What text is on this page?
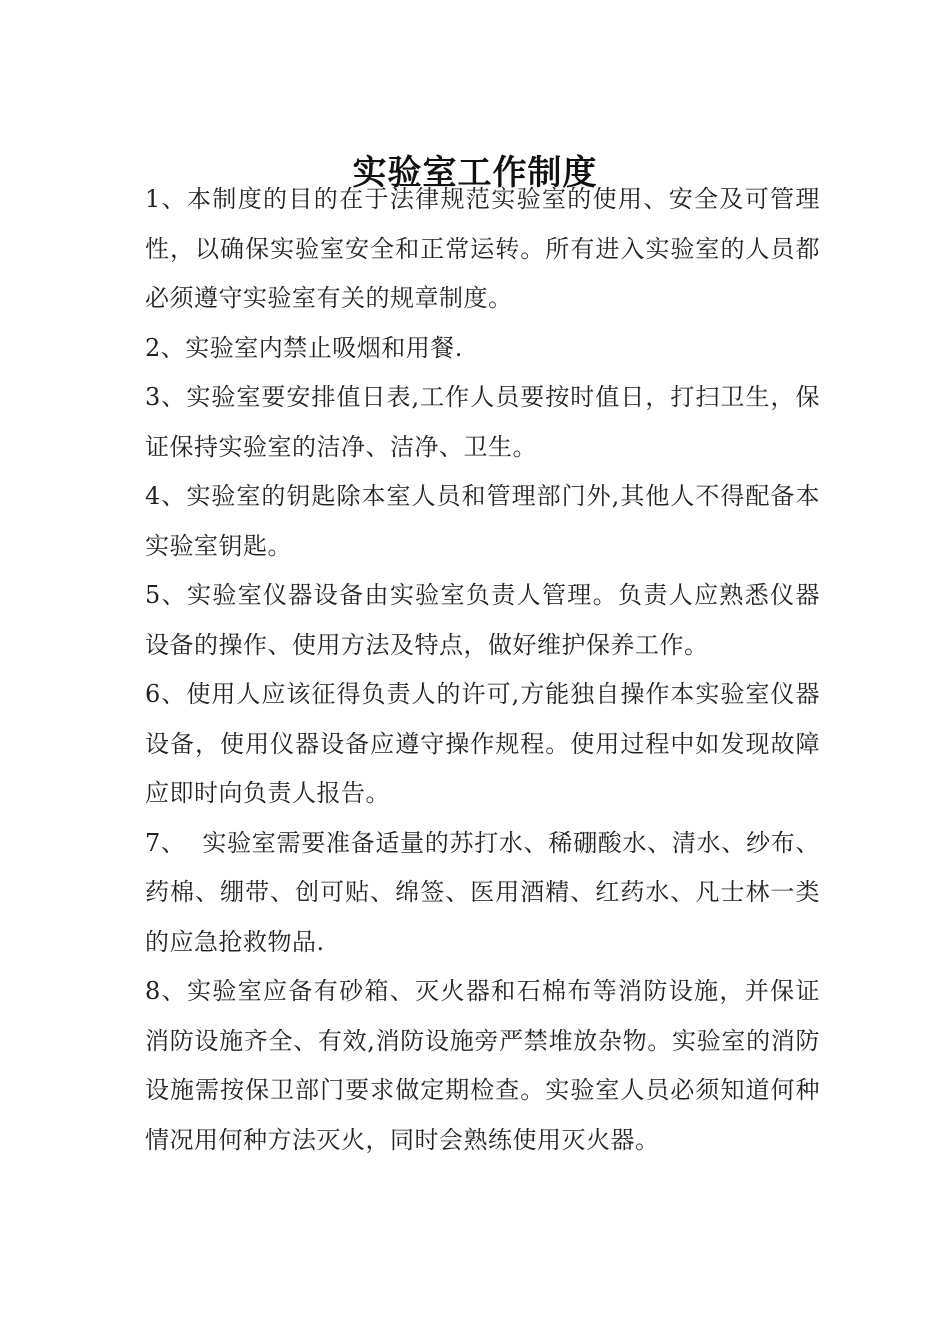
实验室工作制度

1、本制度的目的在于法律规范实验室的使用、安全及可管理性，以确保实验室安全和正常运转。所有进入实验室的人员都必须遵守实验室有关的规章制度。

2、实验室内禁止吸烟和用餐.

3、实验室要安排值日表,工作人员要按时值日，打扫卫生，保证保持实验室的洁净、洁净、卫生。

4、实验室的钥匙除本室人员和管理部门外,其他人不得配备本实验室钥匙。

5、实验室仪器设备由实验室负责人管理。负责人应熟悉仪器设备的操作、使用方法及特点，做好维护保养工作。

6、使用人应该征得负责人的许可,方能独自操作本实验室仪器设备，使用仪器设备应遵守操作规程。使用过程中如发现故障应即时向负责人报告。

7、  实验室需要准备适量的苏打水、稀硼酸水、清水、纱布、药棉、绷带、创可贴、绵签、医用酒精、红药水、凡士林一类的应急抢救物品.

8、实验室应备有砂箱、灭火器和石棉布等消防设施，并保证消防设施齐全、有效,消防设施旁严禁堆放杂物。实验室的消防设施需按保卫部门要求做定期检查。实验室人员必须知道何种情况用何种方法灭火，同时会熟练使用灭火器。
